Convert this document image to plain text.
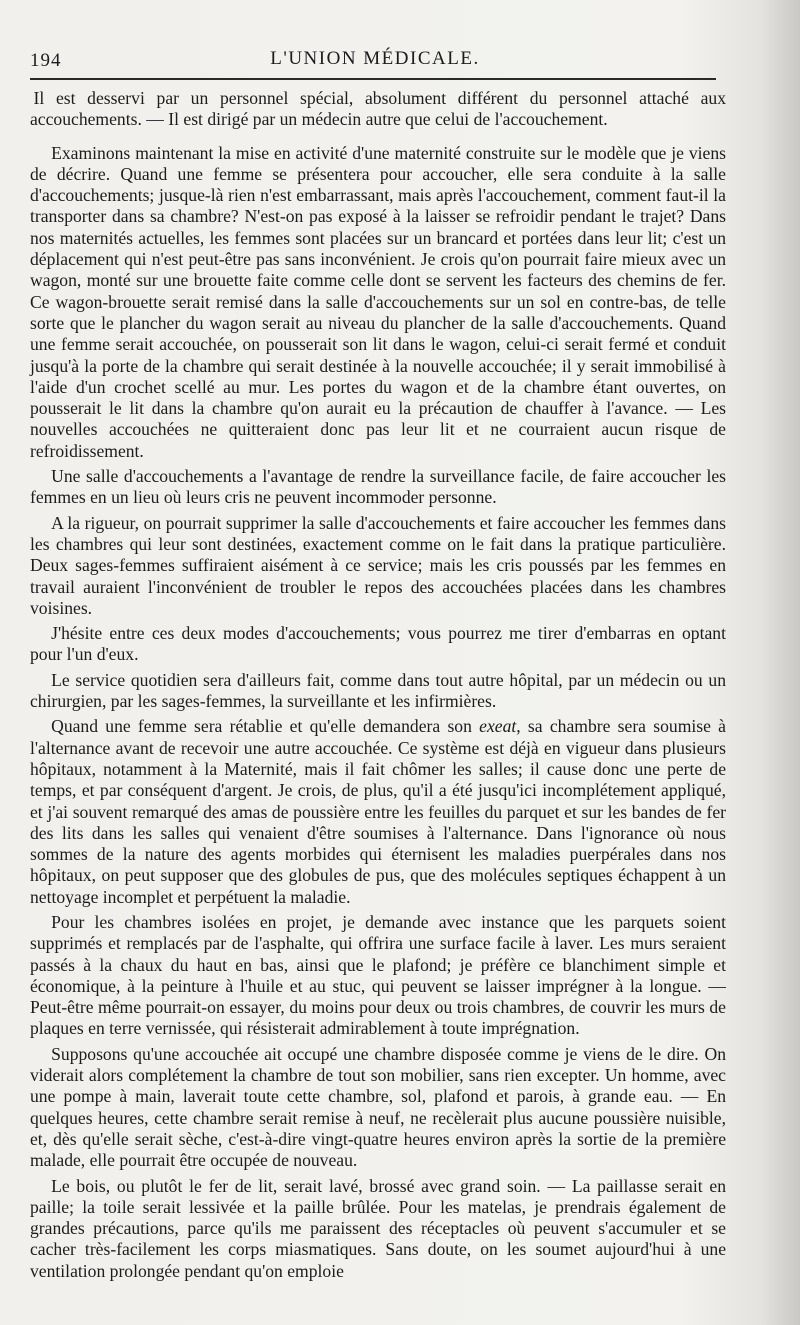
194	L'UNION MÉDICALE.

Il est desservi par un personnel spécial, absolument différent du personnel attaché aux accouchements. — Il est dirigé par un médecin autre que celui de l'accouchement.

Examinons maintenant la mise en activité d'une maternité construite sur le modèle que je viens de décrire. Quand une femme se présentera pour accoucher, elle sera conduite à la salle d'accouchements; jusque-là rien n'est embarrassant, mais après l'accouchement, comment faut-il la transporter dans sa chambre? N'est-on pas exposé à la laisser se refroidir pendant le trajet? Dans nos maternités actuelles, les femmes sont placées sur un brancard et portées dans leur lit; c'est un déplacement qui n'est peut-être pas sans inconvénient. Je crois qu'on pourrait faire mieux avec un wagon, monté sur une brouette faite comme celle dont se servent les facteurs des chemins de fer. Ce wagon-brouette serait remisé dans la salle d'accouchements sur un sol en contre-bas, de telle sorte que le plancher du wagon serait au niveau du plancher de la salle d'accouchements. Quand une femme serait accouchée, on pousserait son lit dans le wagon, celui-ci serait fermé et conduit jusqu'à la porte de la chambre qui serait destinée à la nouvelle accouchée; il y serait immobilisé à l'aide d'un crochet scellé au mur. Les portes du wagon et de la chambre étant ouvertes, on pousserait le lit dans la chambre qu'on aurait eu la précaution de chauffer à l'avance. — Les nouvelles accouchées ne quitteraient donc pas leur lit et ne courraient aucun risque de refroidissement.

Une salle d'accouchements a l'avantage de rendre la surveillance facile, de faire accoucher les femmes en un lieu où leurs cris ne peuvent incommoder personne.

A la rigueur, on pourrait supprimer la salle d'accouchements et faire accoucher les femmes dans les chambres qui leur sont destinées, exactement comme on le fait dans la pratique particulière. Deux sages-femmes suffiraient aisément à ce service; mais les cris poussés par les femmes en travail auraient l'inconvénient de troubler le repos des accouchées placées dans les chambres voisines.

J'hésite entre ces deux modes d'accouchements; vous pourrez me tirer d'embarras en optant pour l'un d'eux.

Le service quotidien sera d'ailleurs fait, comme dans tout autre hôpital, par un médecin ou un chirurgien, par les sages-femmes, la surveillante et les infirmières.

Quand une femme sera rétablie et qu'elle demandera son exeat, sa chambre sera soumise à l'alternance avant de recevoir une autre accouchée. Ce système est déjà en vigueur dans plusieurs hôpitaux, notamment à la Maternité, mais il fait chômer les salles; il cause donc une perte de temps, et par conséquent d'argent. Je crois, de plus, qu'il a été jusqu'ici incomplétement appliqué, et j'ai souvent remarqué des amas de poussière entre les feuilles du parquet et sur les bandes de fer des lits dans les salles qui venaient d'être soumises à l'alternance. Dans l'ignorance où nous sommes de la nature des agents morbides qui éternisent les maladies puerpérales dans nos hôpitaux, on peut supposer que des globules de pus, que des molécules septiques échappent à un nettoyage incomplet et perpétuent la maladie.

Pour les chambres isolées en projet, je demande avec instance que les parquets soient supprimés et remplacés par de l'asphalte, qui offrira une surface facile à laver. Les murs seraient passés à la chaux du haut en bas, ainsi que le plafond; je préfère ce blanchiment simple et économique, à la peinture à l'huile et au stuc, qui peuvent se laisser imprégner à la longue. — Peut-être même pourrait-on essayer, du moins pour deux ou trois chambres, de couvrir les murs de plaques en terre vernissée, qui résisterait admirablement à toute imprégnation.

Supposons qu'une accouchée ait occupé une chambre disposée comme je viens de le dire. On viderait alors complétement la chambre de tout son mobilier, sans rien excepter. Un homme, avec une pompe à main, laverait toute cette chambre, sol, plafond et parois, à grande eau. — En quelques heures, cette chambre serait remise à neuf, ne recèlerait plus aucune poussière nuisible, et, dès qu'elle serait sèche, c'est-à-dire vingt-quatre heures environ après la sortie de la première malade, elle pourrait être occupée de nouveau.

Le bois, ou plutôt le fer de lit, serait lavé, brossé avec grand soin. — La paillasse serait en paille; la toile serait lessivée et la paille brûlée. Pour les matelas, je prendrais également de grandes précautions, parce qu'ils me paraissent des réceptacles où peuvent s'accumuler et se cacher très-facilement les corps miasmatiques. Sans doute, on les soumet aujourd'hui à une ventilation prolongée pendant qu'on emploie
